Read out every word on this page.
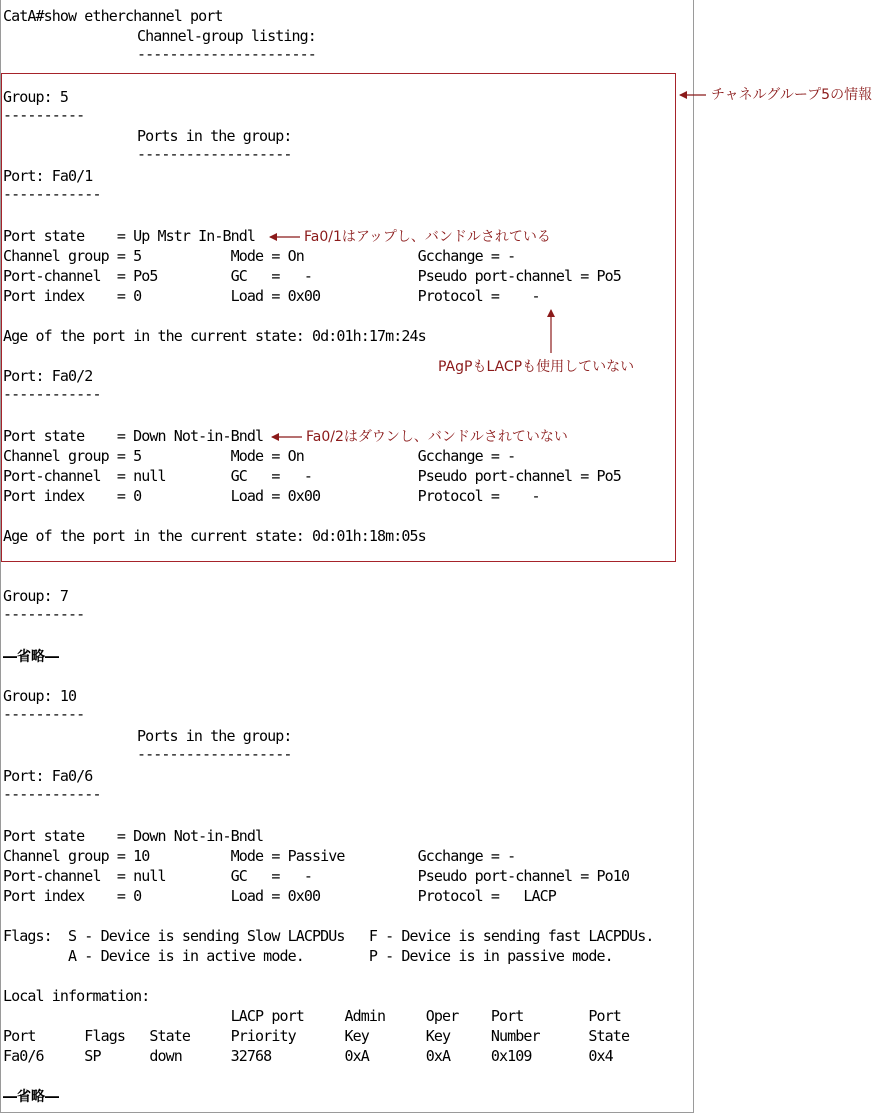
CatA#show etherchannel port
Channel-group listing:
----------------------
Group: 5
----------
Ports in the group:
-------------------
Port: Fa0/1
------------
Port state    = Up Mstr In-Bndl
Channel group = 5           Mode = On              Gcchange = -
Port-channel  = Po5         GC   =   -             Pseudo port-channel = Po5
Port index    = 0           Load = 0x00            Protocol =    -
Age of the port in the current state: 0d:01h:17m:24s
Port: Fa0/2
------------
Port state    = Down Not-in-Bndl
Channel group = 5           Mode = On              Gcchange = -
Port-channel  = null        GC   =   -             Pseudo port-channel = Po5
Port index    = 0           Load = 0x00            Protocol =    -
Age of the port in the current state: 0d:01h:18m:05s
Group: 7
----------
―省略―
Group: 10
----------
Ports in the group:
-------------------
Port: Fa0/6
------------
Port state    = Down Not-in-Bndl
Channel group = 10          Mode = Passive         Gcchange = -
Port-channel  = null        GC   =   -             Pseudo port-channel = Po10
Port index    = 0           Load = 0x00            Protocol =   LACP
Flags:  S - Device is sending Slow LACPDUs   F - Device is sending fast LACPDUs.
A - Device is in active mode.        P - Device is in passive mode.
Local information:
LACP port     Admin     Oper    Port        Port
Port      Flags   State     Priority      Key       Key     Number      State
Fa0/6     SP      down      32768         0xA       0xA     0x109       0x4
―省略―
チャネルグループ5の情報
Fa0/1はアップし、バンドルされている
PAgPもLACPも使用していない
Fa0/2はダウンし、バンドルされていない
